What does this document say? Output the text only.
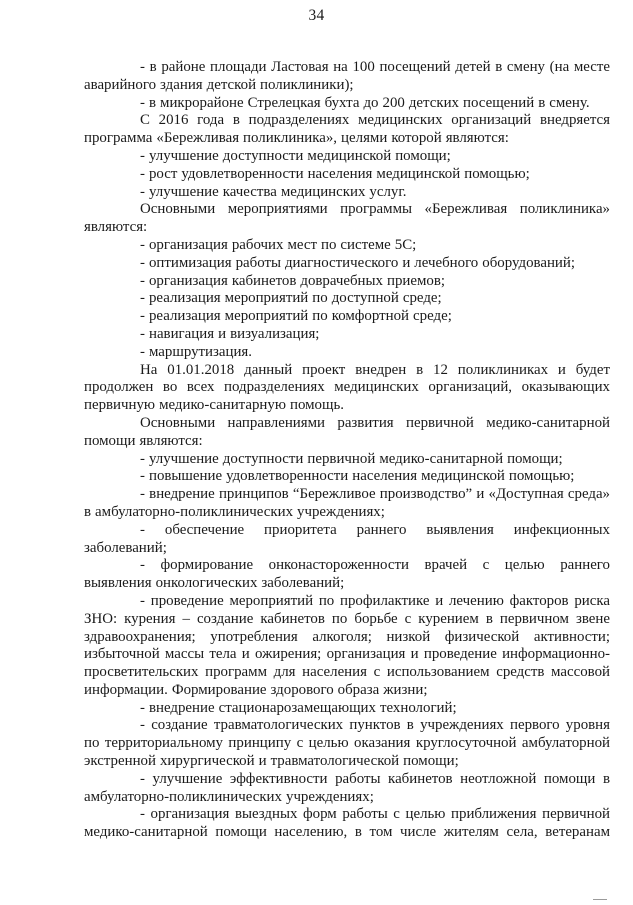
34

- в районе площади Ластовая на 100 посещений детей в смену (на месте аварийного здания детской поликлиники);

- в микрорайоне Стрелецкая бухта до 200 детских посещений в смену.

С 2016 года в подразделениях медицинских организаций внедряется программа «Бережливая поликлиника», целями которой являются:

- улучшение доступности медицинской помощи;

- рост удовлетворенности населения медицинской помощью;

- улучшение качества медицинских услуг.

Основными мероприятиями программы «Бережливая поликлиника» являются:

- организация рабочих мест по системе 5С;

- оптимизация работы диагностического и лечебного оборудований;

- организация кабинетов доврачебных приемов;

- реализация мероприятий по доступной среде;

- реализация мероприятий по комфортной среде;

- навигация и визуализация;

- маршрутизация.

На 01.01.2018 данный проект внедрен в 12 поликлиниках и будет продолжен во всех подразделениях медицинских организаций, оказывающих первичную медико-санитарную помощь.

Основными направлениями развития первичной медико-санитарной помощи являются:

- улучшение доступности первичной медико-санитарной помощи;

- повышение удовлетворенности населения медицинской помощью;

- внедрение принципов “Бережливое производство” и «Доступная среда» в амбулаторно-поликлинических учреждениях;

- обеспечение приоритета раннего выявления инфекционных заболеваний;

- формирование онконастороженности врачей с целью раннего выявления онкологических заболеваний;

- проведение мероприятий по профилактике и лечению факторов риска ЗНО: курения – создание кабинетов по борьбе с курением в первичном звене здравоохранения; употребления алкоголя; низкой физической активности; избыточной массы тела и ожирения; организация и проведение информационно-просветительских программ для населения с использованием средств массовой информации. Формирование здорового образа жизни;

- внедрение стационарозамещающих технологий;

- создание травматологических пунктов в учреждениях первого уровня по территориальному принципу с целью оказания круглосуточной амбулаторной экстренной хирургической и травматологической помощи;

- улучшение эффективности работы кабинетов неотложной помощи в амбулаторно-поликлинических учреждениях;

- организация выездных форм работы с целью приближения первичной медико-санитарной помощи населению, в том числе жителям села, ветеранам
